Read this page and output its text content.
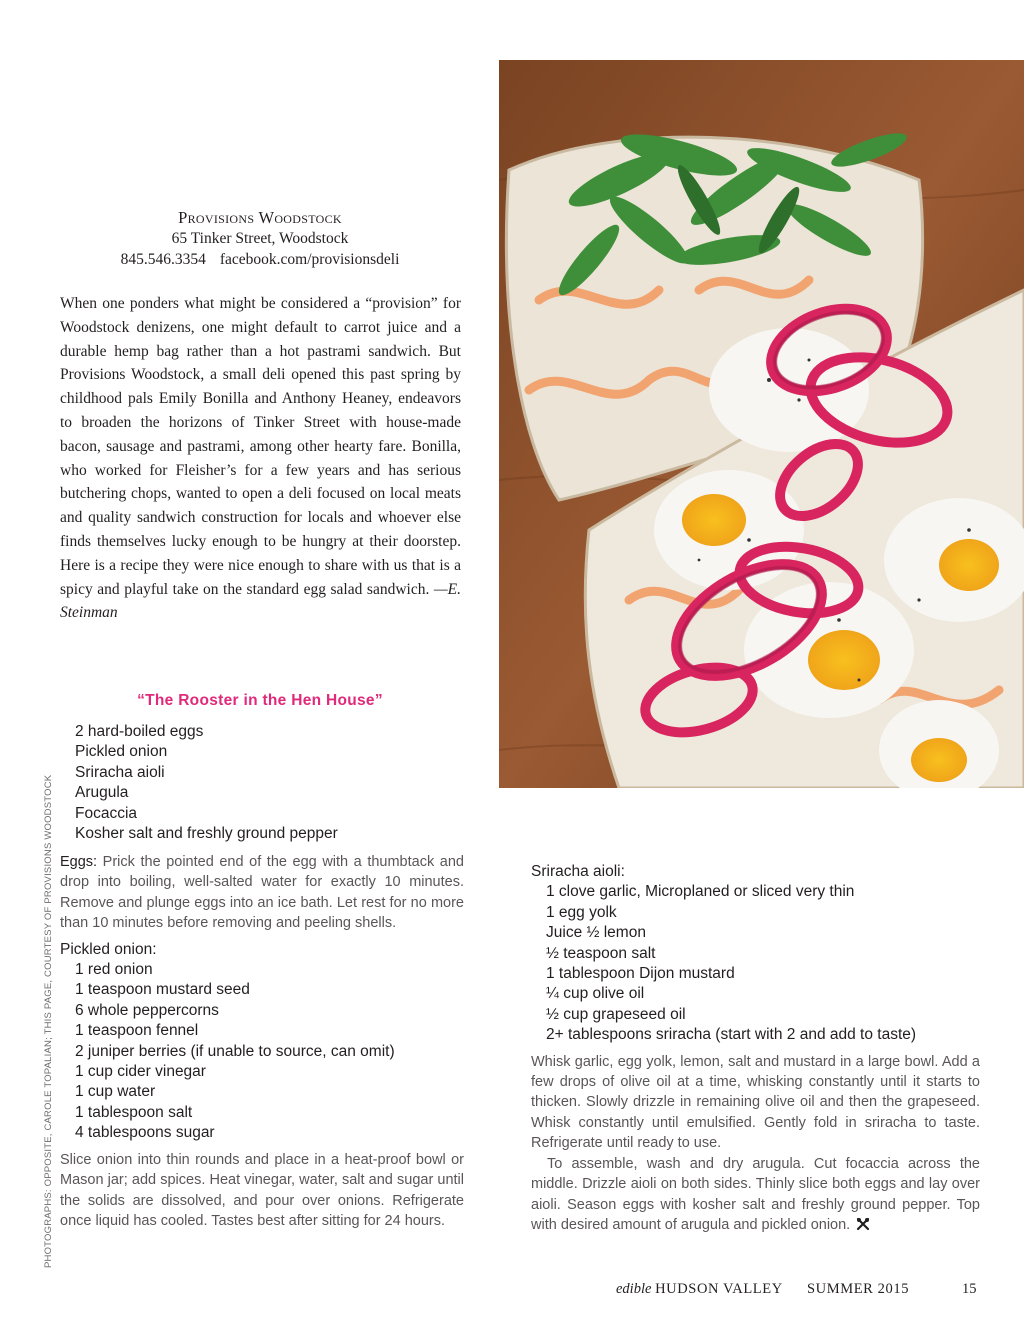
Provisions Woodstock
65 Tinker Street, Woodstock
845.546.3354 facebook.com/provisionsdeli
When one ponders what might be considered a “provision” for Woodstock denizens, one might default to carrot juice and a durable hemp bag rather than a hot pastrami sandwich. But Provisions Woodstock, a small deli opened this past spring by childhood pals Emily Bonilla and Anthony Heaney, endeavors to broaden the horizons of Tinker Street with house-made bacon, sausage and pastrami, among other hearty fare. Bonilla, who worked for Fleisher’s for a few years and has serious butchering chops, wanted to open a deli focused on local meats and quality sandwich construction for locals and whoever else finds themselves lucky enough to be hungry at their doorstep. Here is a recipe they were nice enough to share with us that is a spicy and playful take on the standard egg salad sandwich. —E. Steinman
“The Rooster in the Hen House”
2 hard-boiled eggs
Pickled onion
Sriracha aioli
Arugula
Focaccia
Kosher salt and freshly ground pepper

Eggs: Prick the pointed end of the egg with a thumbtack and drop into boiling, well-salted water for exactly 10 minutes. Remove and plunge eggs into an ice bath. Let rest for no more than 10 minutes before removing and peeling shells.

Pickled onion:
1 red onion
1 teaspoon mustard seed
6 whole peppercorns
1 teaspoon fennel
2 juniper berries (if unable to source, can omit)
1 cup cider vinegar
1 cup water
1 tablespoon salt
4 tablespoons sugar

Slice onion into thin rounds and place in a heat-proof bowl or Mason jar; add spices. Heat vinegar, water, salt and sugar until the solids are dissolved, and pour over onions. Refrigerate once liquid has cooled. Tastes best after sitting for 24 hours.

Sriracha aioli:
1 clove garlic, Microplaned or sliced very thin
1 egg yolk
Juice ½ lemon
½ teaspoon salt
1 tablespoon Dijon mustard
¼ cup olive oil
½ cup grapeseed oil
2+ tablespoons sriracha (start with 2 and add to taste)

Whisk garlic, egg yolk, lemon, salt and mustard in a large bowl. Add a few drops of olive oil at a time, whisking constantly until it starts to thicken. Slowly drizzle in remaining olive oil and then the grapeseed. Whisk constantly until emulsified. Gently fold in sriracha to taste. Refrigerate until ready to use.

To assemble, wash and dry arugula. Cut focaccia across the middle. Drizzle aioli on both sides. Thinly slice both eggs and lay over aioli. Season eggs with kosher salt and freshly ground pepper. Top with desired amount of arugula and pickled onion.

PHOTOGRAPHS: OPPOSITE, CAROLE TOPALIAN; THIS PAGE, COURTESY OF PROVISIONS WOODSTOCK
edible HUDSON VALLEY SUMMER 2015	15
